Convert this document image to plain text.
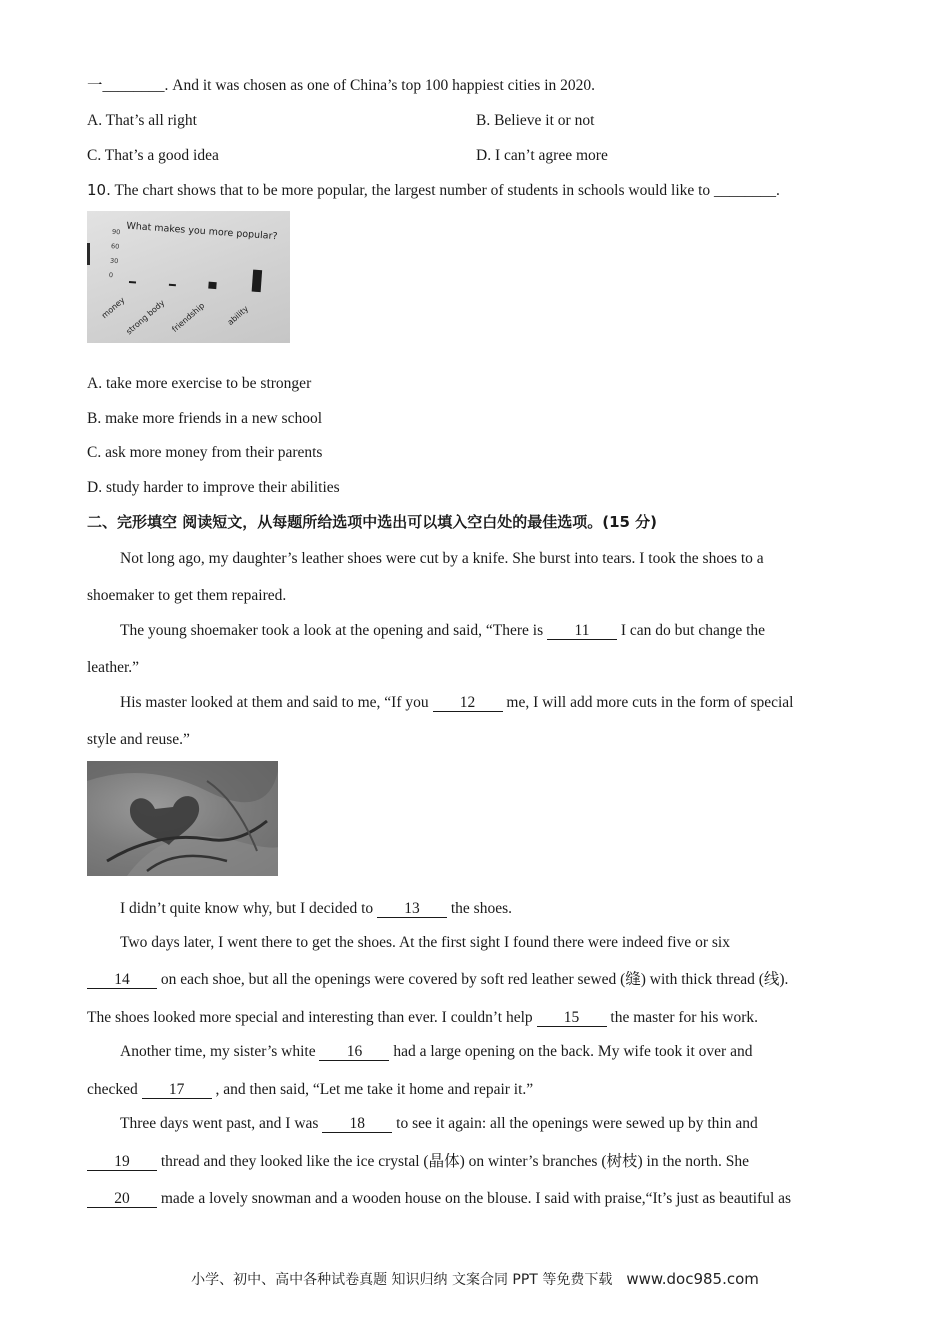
一________. And it was chosen as one of China’s top 100 happiest cities in 2020.
A. That’s all right	B. Believe it or not
C. That’s a good idea	D. I can’t agree more
10. The chart shows that to be more popular, the largest number of students in schools would like to ________.
What makes you more popular?
90
60
30
0
money
strong body friendship ability
A. take more exercise to be stronger
B. make more friends in a new school
C. ask more money from their parents
D. study harder to improve their abilities
二、完形填空 阅读短文，从每题所给选项中选出可以填入空白处的最佳选项。(15 分)
Not long ago, my daughter’s leather shoes were cut by a knife. She burst into tears. I took the shoes to a
shoemaker to get them repaired.
The young shoemaker took a look at the opening and said, “There is 11 I can do but change the
leather.”
His master looked at them and said to me, “If you 12 me, I will add more cuts in the form of special
style and reuse.”
I didn’t quite know why, but I decided to 13 the shoes.
Two days later, I went there to get the shoes. At the first sight I found there were indeed five or six
14 on each shoe, but all the openings were covered by soft red leather sewed (缝) with thick thread (线).
The shoes looked more special and interesting than ever. I couldn’t help 15 the master for his work.
Another time, my sister’s white 16 had a large opening on the back. My wife took it over and
checked 17 , and then said, “Let me take it home and repair it.”
Three days went past, and I was 18 to see it again: all the openings were sewed up by thin and
19 thread and they looked like the ice crystal (晶体) on winter’s branches (树枝) in the north. She
20 made a lovely snowman and a wooden house on the blouse. I said with praise,“It’s just as beautiful as
小学、初中、高中各种试卷真题 知识归纳 文案合同 PPT 等免费下载 www.doc985.com
